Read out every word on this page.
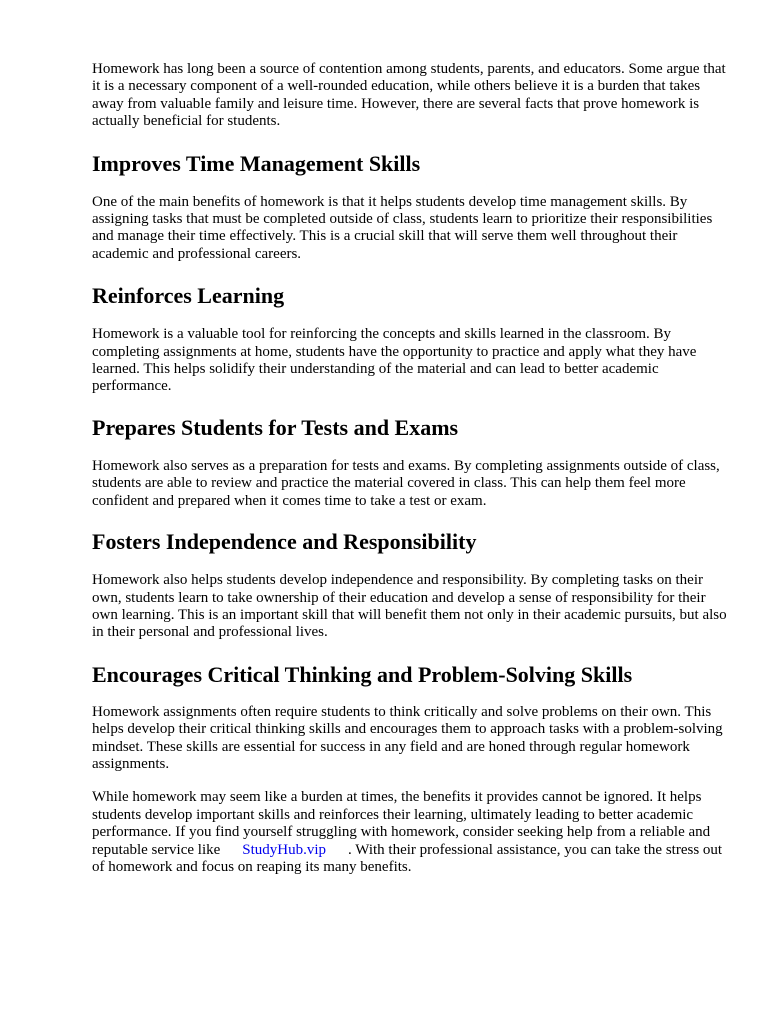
Homework has long been a source of contention among students, parents, and educators. Some argue that it is a necessary component of a well-rounded education, while others believe it is a burden that takes away from valuable family and leisure time. However, there are several facts that prove homework is actually beneficial for students.

Improves Time Management Skills

One of the main benefits of homework is that it helps students develop time management skills. By assigning tasks that must be completed outside of class, students learn to prioritize their responsibilities and manage their time effectively. This is a crucial skill that will serve them well throughout their academic and professional careers.

Reinforces Learning

Homework is a valuable tool for reinforcing the concepts and skills learned in the classroom. By completing assignments at home, students have the opportunity to practice and apply what they have learned. This helps solidify their understanding of the material and can lead to better academic performance.

Prepares Students for Tests and Exams

Homework also serves as a preparation for tests and exams. By completing assignments outside of class, students are able to review and practice the material covered in class. This can help them feel more confident and prepared when it comes time to take a test or exam.

Fosters Independence and Responsibility

Homework also helps students develop independence and responsibility. By completing tasks on their own, students learn to take ownership of their education and develop a sense of responsibility for their own learning. This is an important skill that will benefit them not only in their academic pursuits, but also in their personal and professional lives.

Encourages Critical Thinking and Problem-Solving Skills

Homework assignments often require students to think critically and solve problems on their own. This helps develop their critical thinking skills and encourages them to approach tasks with a problem-solving mindset. These skills are essential for success in any field and are honed through regular homework assignments.

While homework may seem like a burden at times, the benefits it provides cannot be ignored. It helps students develop important skills and reinforces their learning, ultimately leading to better academic performance. If you find yourself struggling with homework, consider seeking help from a reliable and reputable service like StudyHub.vip . With their professional assistance, you can take the stress out of homework and focus on reaping its many benefits.
